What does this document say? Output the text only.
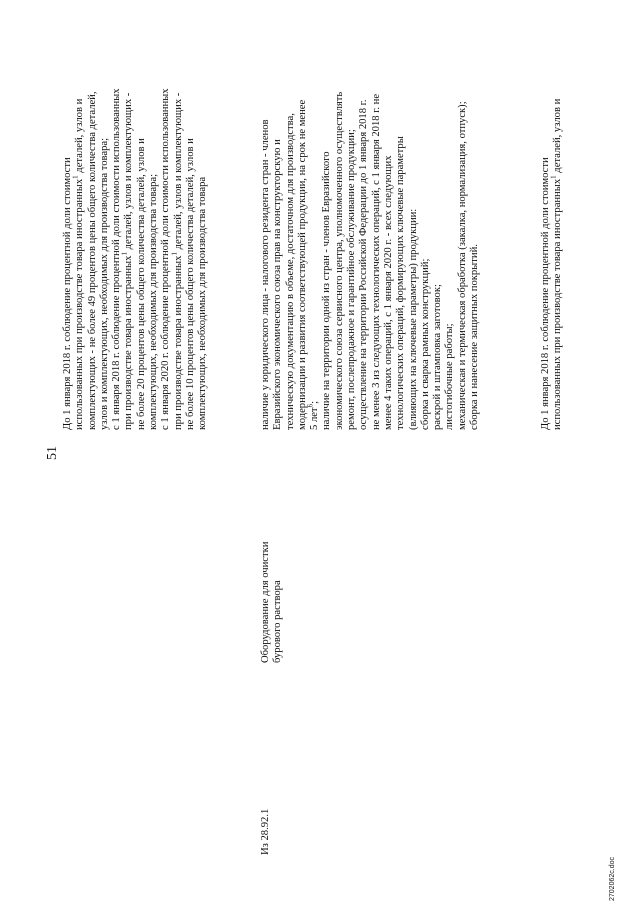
51
Из 28.92.1
Оборудование для очистки бурового раствора
До 1 января 2018 г. соблюдение процентной доли стоимости использованных при производстве товара иностранных$^1$ деталей, узлов и комплектующих - не более 49 процентов цены общего количества деталей, узлов и комплектующих, необходимых для производства товара; с 1 января 2018 г. соблюдение процентной доли стоимости использованных при производстве товара иностранных$^1$ деталей, узлов и комплектующих - не более 20 процентов цены общего количества деталей, узлов и комплектующих, необходимых для производства товара; с 1 января 2020 г. соблюдение процентной доли стоимости использованных при производстве товара иностранных$^1$ деталей, узлов и комплектующих - не более 10 процентов цены общего количества деталей, узлов и комплектующих, необходимых для производства товара	наличие у юридического лица - налогового резидента стран - членов Евразийского экономического союза прав на конструкторскую и техническую документацию в объеме, достаточном для производства, модернизации и развития соответствующей продукции, на срок не менее 5 лет$^6$; наличие на территории одной из стран - членов Евразийского экономического союза сервисного центра, уполномоченного осуществлять ремонт, послепродажное и гарантийное обслуживание продукции; осуществление на территории Российской Федерации до 1 января 2018 г. не менее 3 из следующих технологических операций, с 1 января 2018 г. не менее 4 таких операций, с 1 января 2020 г. - всех следующих технологических операций, формирующих ключевые параметры (влияющих на ключевые параметры) продукции: сборка и сварка рамных конструкций; раскрой и штамповка заготовок; листогибочные работы; механическая и термическая обработка (закалка, нормализация, отпуск); сборка и нанесение защитных покрытий.	До 1 января 2018 г. соблюдение процентной доли стоимости использованных при производстве товара иностранных$^1$ деталей, узлов и
2702062с.doc
